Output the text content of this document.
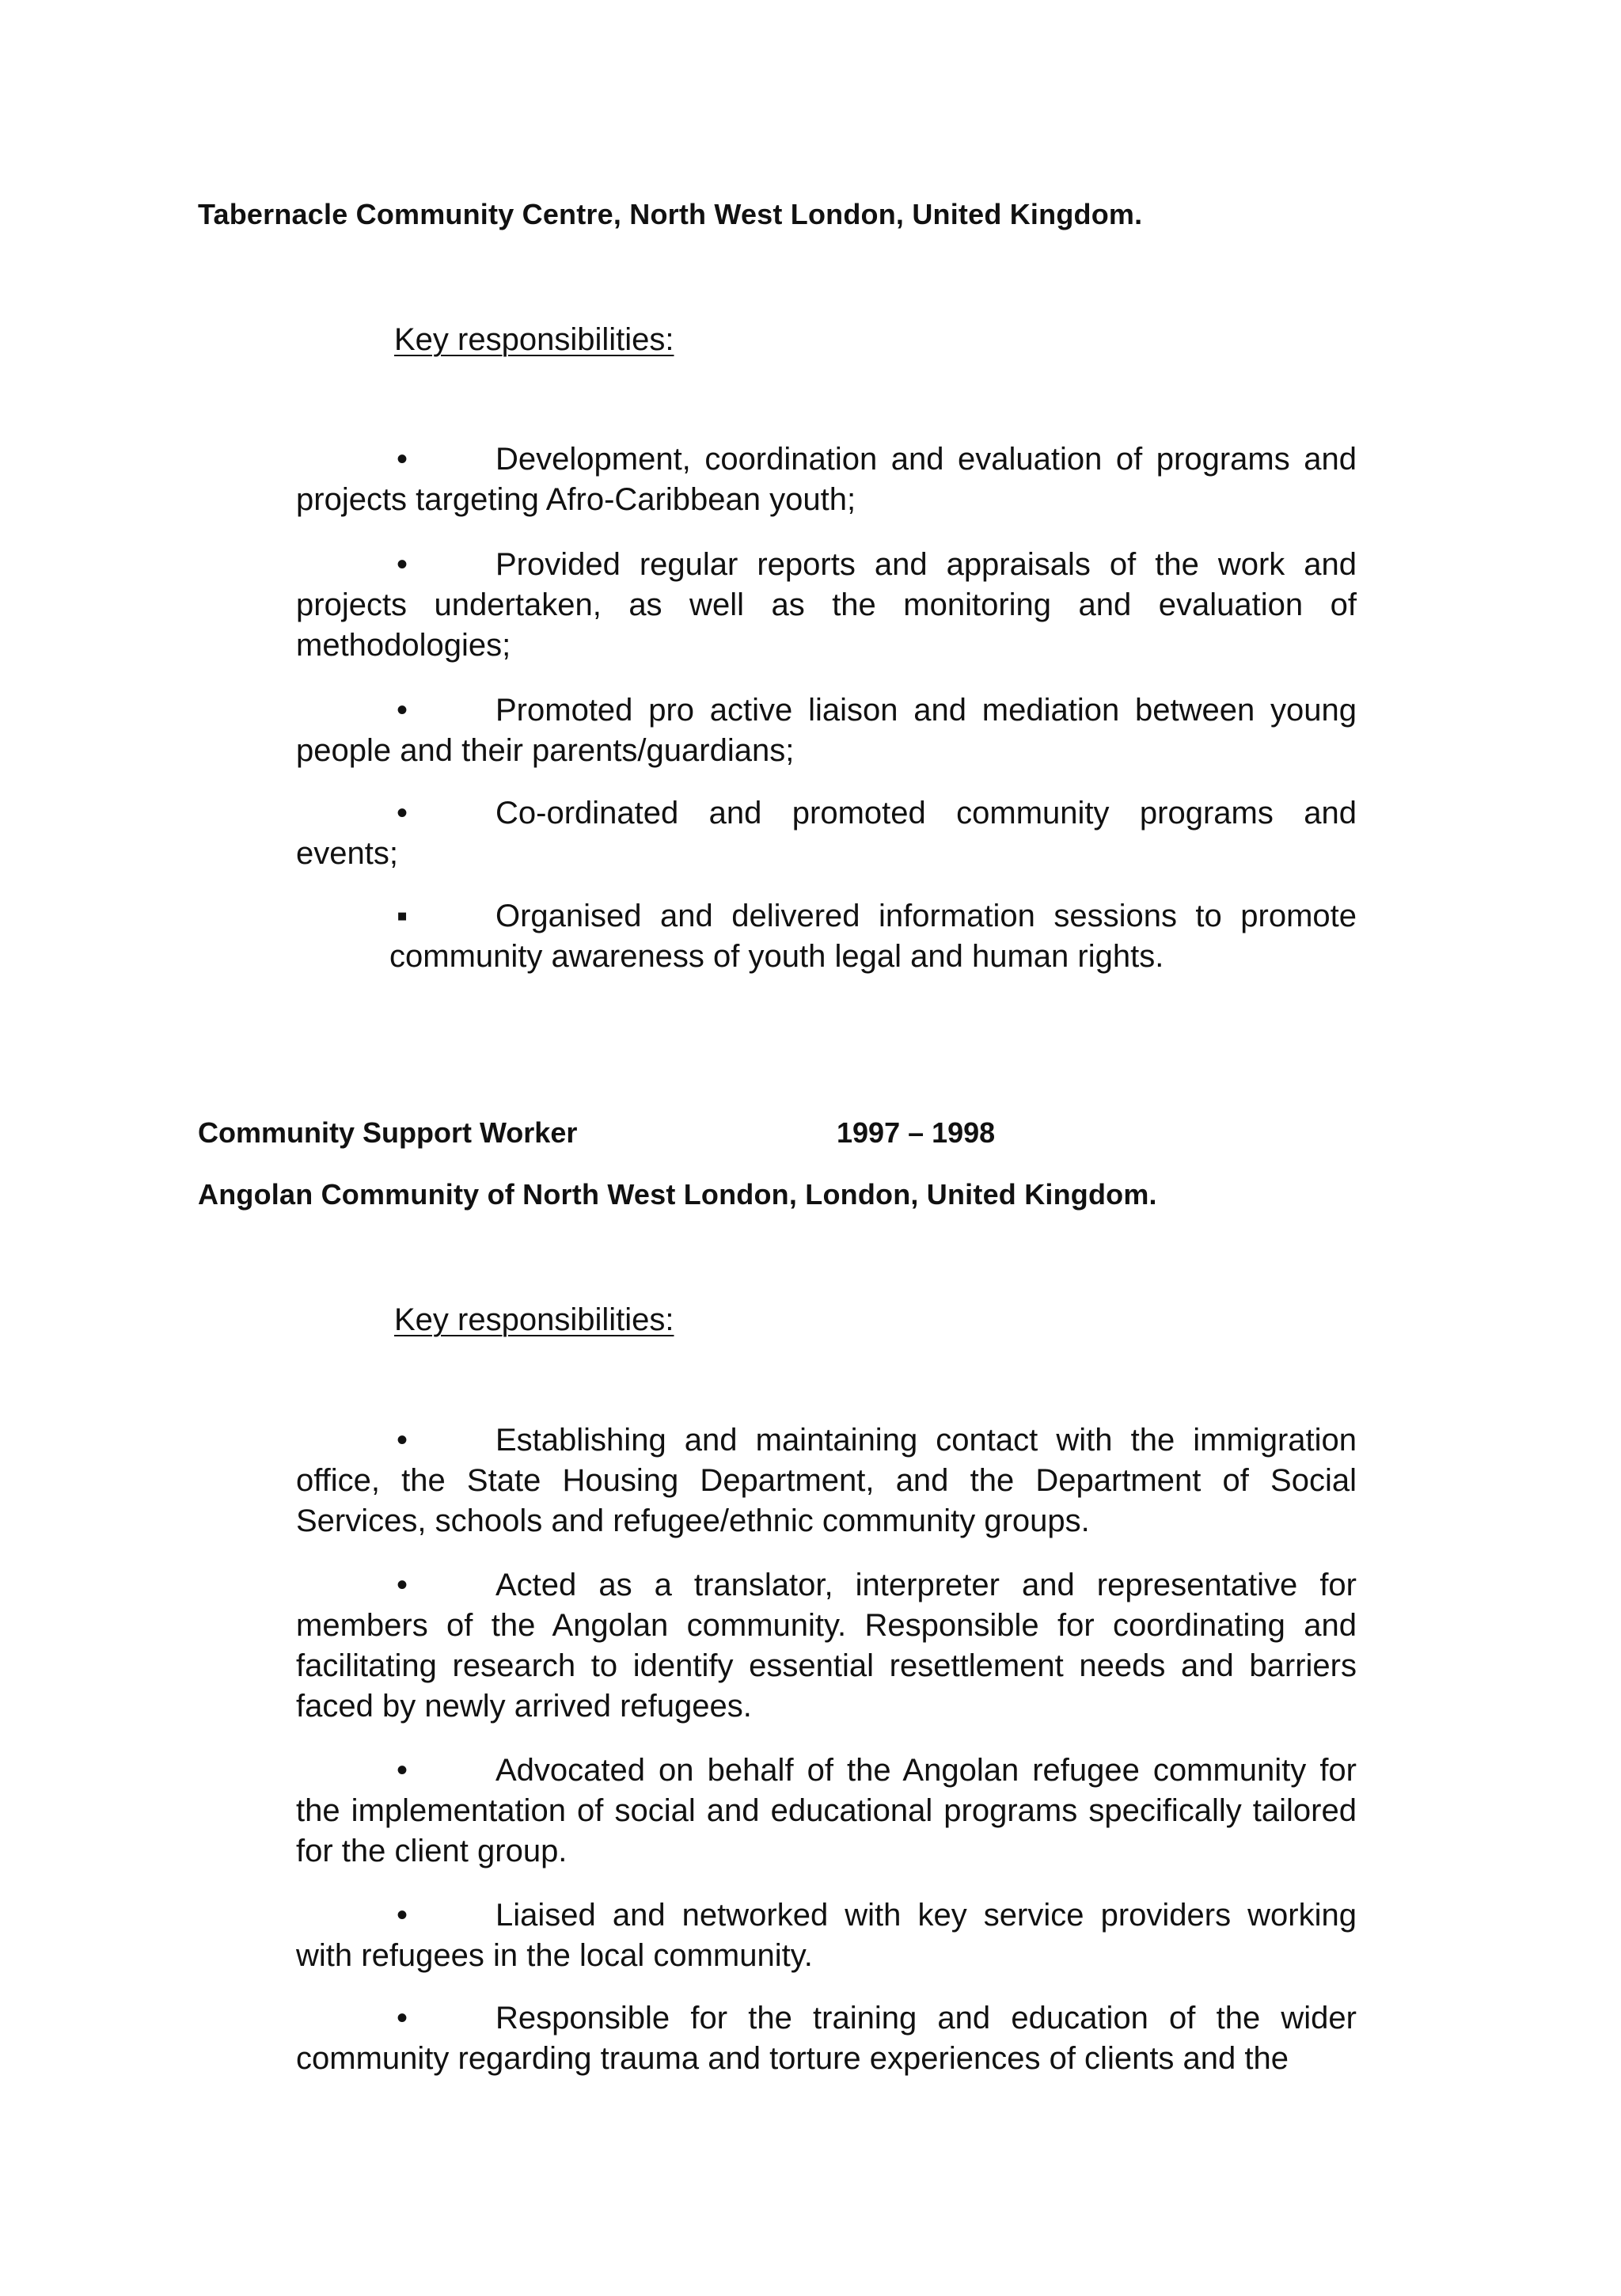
Tabernacle Community Centre, North West London, United Kingdom.
Key responsibilities:
•	Development, coordination and evaluation of programs and projects targeting Afro-Caribbean youth;
•	Provided regular reports and appraisals of the work and projects undertaken, as well as the monitoring and evaluation of methodologies;
•	Promoted pro active liaison and mediation between young people and their parents/guardians;
•	Co-ordinated and promoted community programs and events;
▪	Organised and delivered information sessions to promote community awareness of youth legal and human rights.
Community Support Worker	1997 – 1998
Angolan Community of North West London, London, United Kingdom.
Key responsibilities:
•	Establishing and maintaining contact with the immigration office, the State Housing Department, and the Department of Social Services, schools and refugee/ethnic community groups.
•	Acted as a translator, interpreter and representative for members of the Angolan community. Responsible for coordinating and facilitating research to identify essential resettlement needs and barriers faced by newly arrived refugees.
•	Advocated on behalf of the Angolan refugee community for the implementation of social and educational programs specifically tailored for the client group.
•	Liaised and networked with key service providers working with refugees in the local community.
•	Responsible for the training and education of the wider community regarding trauma and torture experiences of clients and the
